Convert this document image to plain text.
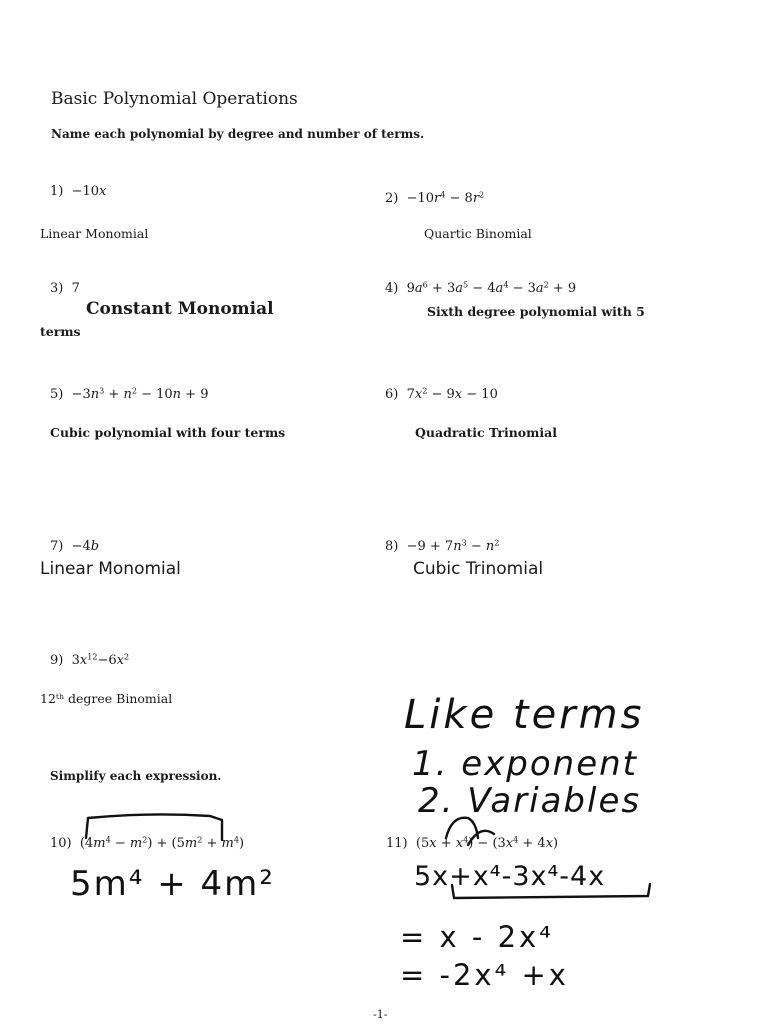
Basic Polynomial Operations
Name each polynomial by degree and number of terms.
1)  −10x
Linear Monomial
$2) -10r^4 - 8r^2$
Quartic Binomial
3) 7
Constant Monomial
4)  $9a^6 + 3a^5 - 4a^4 - 3a^2 + 9$
Sixth degree polynomial with 5
terms
$5) -3n^3 + n^2 - 10n + 9$
Cubic polynomial with four terms
6)  $7x^2 - 9x - 10$
Quadratic Trinomial
7)  −4b
Linear Monomial
$8) -9 + 7n^3 - n^2$
Cubic Trinomial
9)  $3x^{12}-6x^2$
12th degree Binomial
Simplify each expression.
10)  $(4m^4 - m^2) + (5m^2 + m^4)$	11)  $(5x + x^4) - (3x^4 + 4x)$
Like terms
1. exponent
2. Variables
5m⁴ + 4m²	5x+x⁴-3x⁴-4x
= x - 2x⁴
= -2x⁴ +x
-1-
